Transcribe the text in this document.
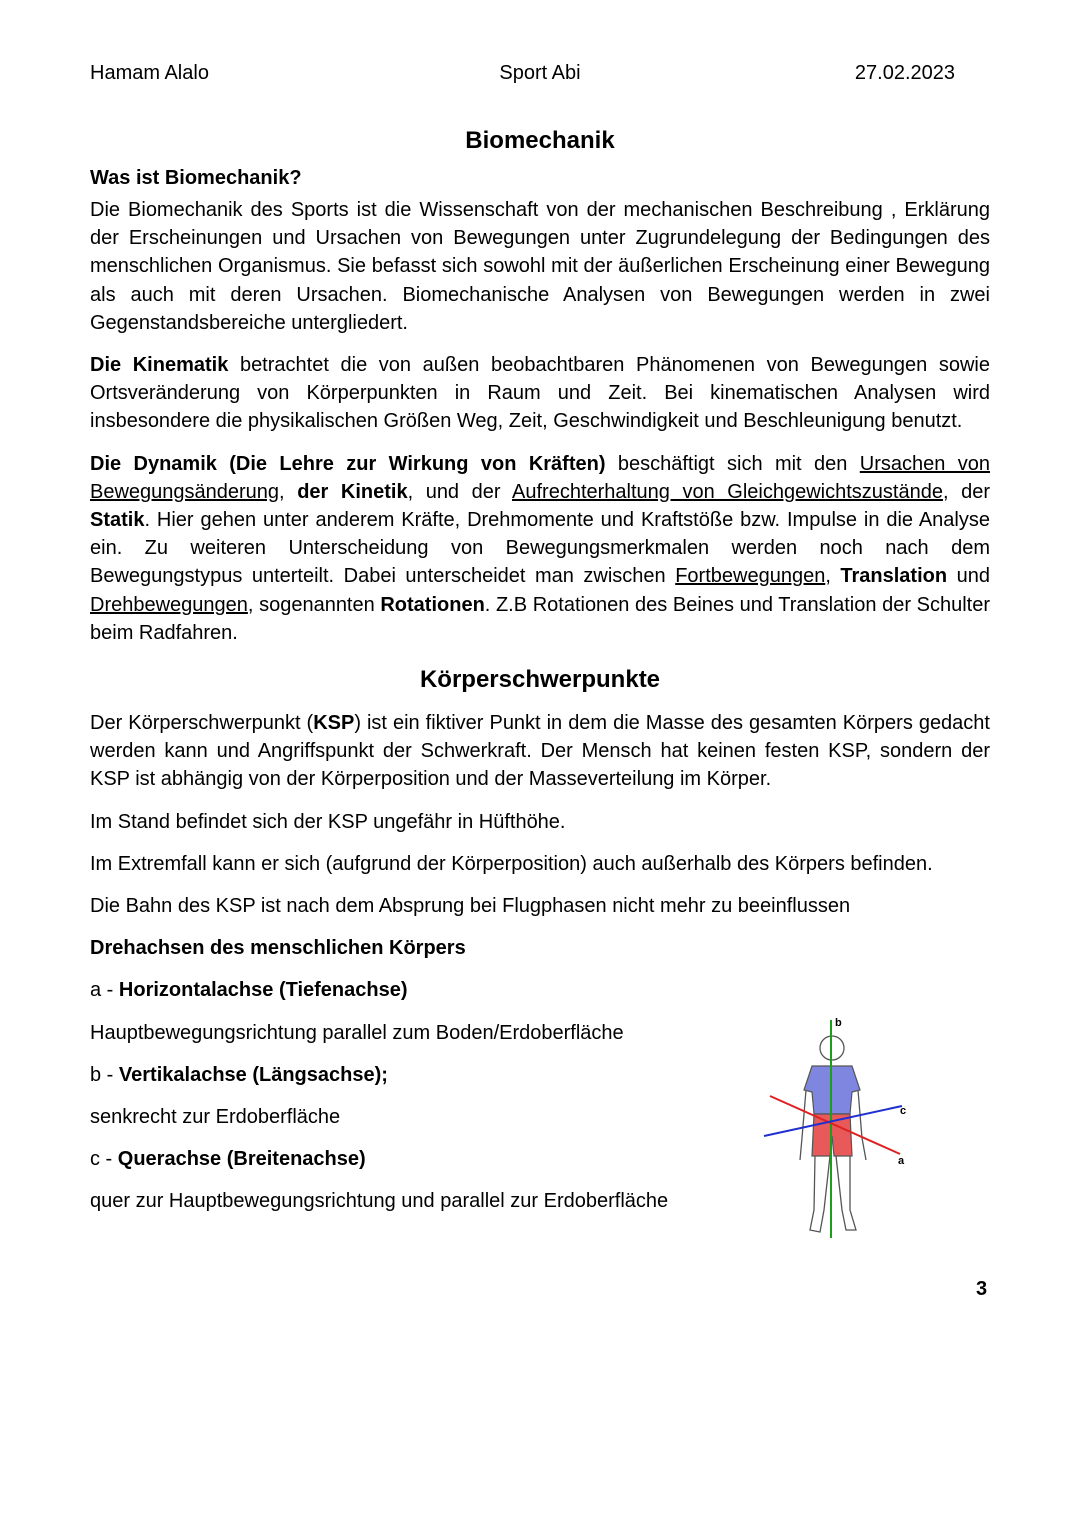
Hamam Alalo	Sport Abi	27.02.2023
Biomechanik
Was ist Biomechanik?

Die Biomechanik des Sports ist die Wissenschaft von der mechanischen Beschreibung , Erklärung der Erscheinungen und Ursachen von Bewegungen unter Zugrundelegung der Bedingungen des menschlichen Organismus. Sie befasst sich sowohl mit der äußerlichen Erscheinung einer Bewegung als auch mit deren Ursachen. Biomechanische Analysen von Bewegungen werden in zwei Gegenstandsbereiche untergliedert.

Die Kinematik betrachtet die von außen beobachtbaren Phänomenen von Bewegungen sowie Ortsveränderung von Körperpunkten in Raum und Zeit. Bei kinematischen Analysen wird insbesondere die physikalischen Größen Weg, Zeit, Geschwindigkeit und Beschleunigung benutzt.

Die Dynamik (Die Lehre zur Wirkung von Kräften) beschäftigt sich mit den Ursachen von Bewegungsänderung, der Kinetik, und der Aufrechterhaltung von Gleichgewichtszustände, der Statik. Hier gehen unter anderem Kräfte, Drehmomente und Kraftstöße bzw. Impulse in die Analyse ein. Zu weiteren Unterscheidung von Bewegungsmerkmalen werden noch nach dem Bewegungstypus unterteilt. Dabei unterscheidet man zwischen Fortbewegungen, Translation und Drehbewegungen, sogenannten Rotationen. Z.B Rotationen des Beines und Translation der Schulter beim Radfahren.

Körperschwerpunkte

Der Körperschwerpunkt (KSP) ist ein fiktiver Punkt in dem die Masse des gesamten Körpers gedacht werden kann und Angriffspunkt der Schwerkraft. Der Mensch hat keinen festen KSP, sondern der KSP ist abhängig von der Körperposition und der Masseverteilung im Körper.

Im Stand befindet sich der KSP ungefähr in Hüfthöhe.

Im Extremfall kann er sich (aufgrund der Körperposition) auch außerhalb des Körpers befinden.

Die Bahn des KSP ist nach dem Absprung bei Flugphasen nicht mehr zu beeinflussen

Drehachsen des menschlichen Körpers

a - Horizontalachse (Tiefenachse)

Hauptbewegungsrichtung parallel zum Boden/Erdoberfläche

b - Vertikalachse (Längsachse);

senkrecht zur Erdoberfläche

c - Querachse (Breitenachse)

quer zur Hauptbewegungsrichtung und parallel zur Erdoberfläche

b
c
a
3
